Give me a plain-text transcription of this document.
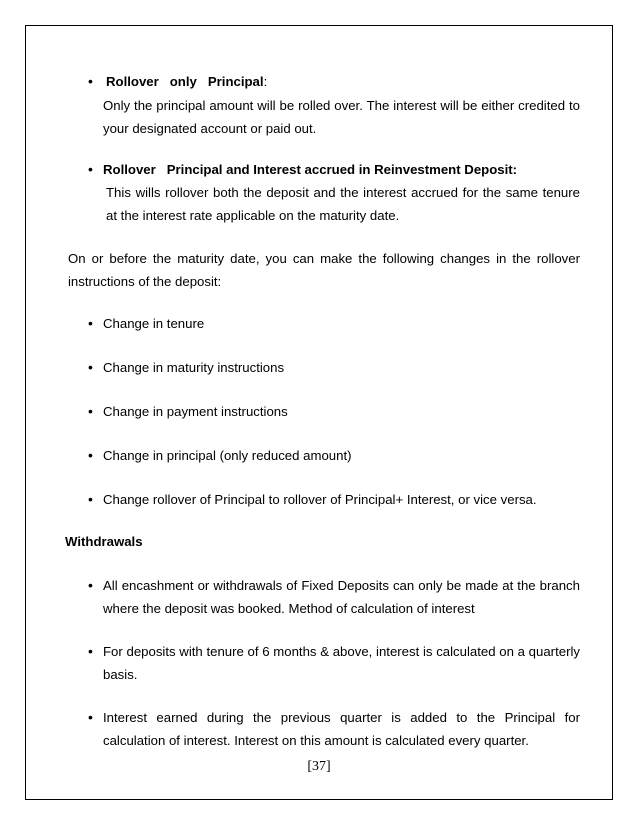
• Rollover   only   Principal:

Only the principal amount will be rolled over. The interest will be either credited to your designated account or paid out.

• Rollover   Principal and Interest accrued in Reinvestment Deposit:

This wills rollover both the deposit and the interest accrued for the same tenure at the interest rate applicable on the maturity date.

On or before the maturity date, you can make the following changes in the rollover instructions of the deposit:

• Change in tenure

• Change in maturity instructions

• Change in payment instructions

• Change in principal (only reduced amount)

• Change rollover of Principal to rollover of Principal+ Interest, or vice versa.

Withdrawals

• All encashment or withdrawals of Fixed Deposits can only be made at the branch where the deposit was booked. Method of calculation of interest

• For deposits with tenure of 6 months & above, interest is calculated on a quarterly basis.

• Interest earned during the previous quarter is added to the Principal for calculation of interest. Interest on this amount is calculated every quarter.

[37]
